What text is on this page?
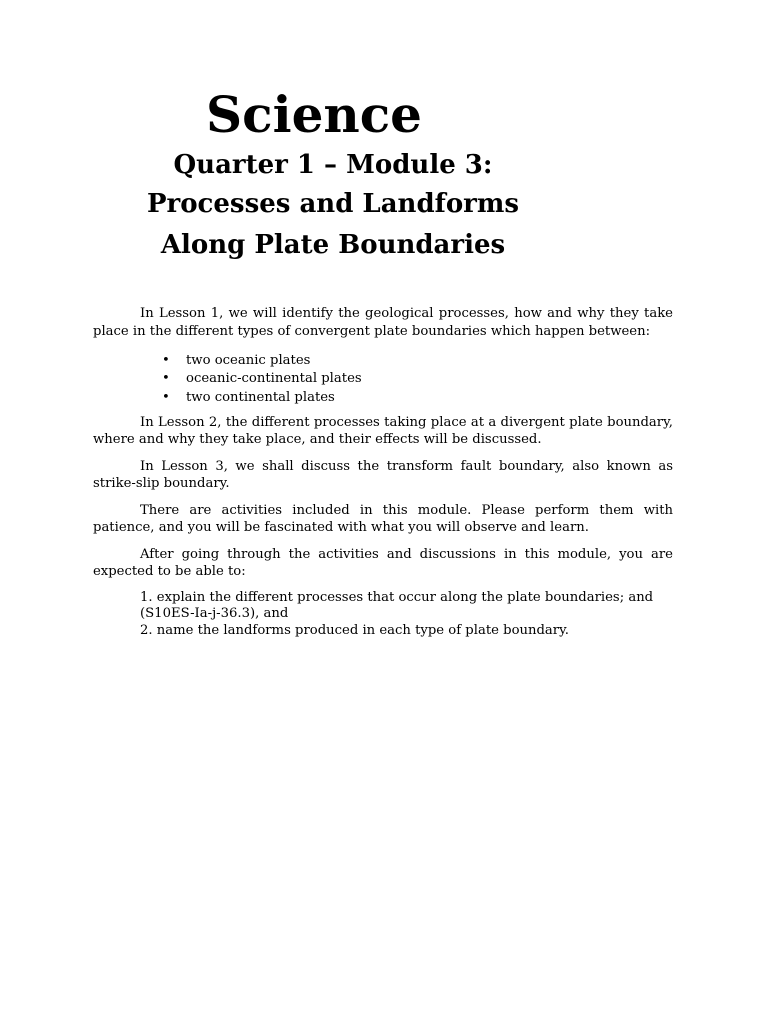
Science
Quarter 1 – Module 3:
Processes and Landforms
Along Plate Boundaries

In Lesson 1, we will identify the geological processes, how and why they take place in the different types of convergent plate boundaries which happen between:

• two oceanic plates
• oceanic-continental plates
• two continental plates

In Lesson 2, the different processes taking place at a divergent plate boundary, where and why they take place, and their effects will be discussed.

In Lesson 3, we shall discuss the transform fault boundary, also known as strike-slip boundary.

There are activities included in this module. Please perform them with patience, and you will be fascinated with what you will observe and learn.

After going through the activities and discussions in this module, you are expected to be able to:

1. explain the different processes that occur along the plate boundaries; and (S10ES-Ia-j-36.3), and

2. name the landforms produced in each type of plate boundary.
